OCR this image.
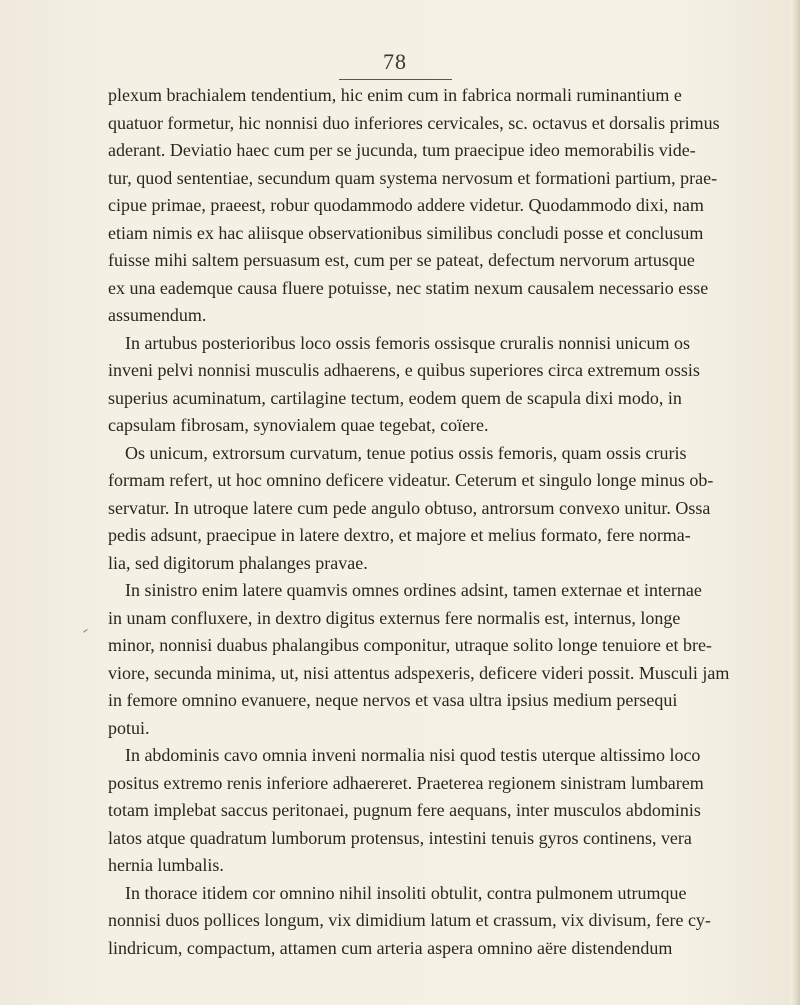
78
plexum brachialem tendentium, hic enim cum in fabrica normali ruminantium e
quatuor formetur, hic nonnisi duo inferiores cervicales, sc. octavus et dorsalis primus
aderant. Deviatio haec cum per se jucunda, tum praecipue ideo memorabilis vide-
tur, quod sententiae, secundum quam systema nervosum et formationi partium, prae-
cipue primae, praeest, robur quodammodo addere videtur. Quodammodo dixi, nam
etiam nimis ex hac aliisque observationibus similibus concludi posse et conclusum
fuisse mihi saltem persuasum est, cum per se pateat, defectum nervorum artusque
ex una eademque causa fluere potuisse, nec statim nexum causalem necessario esse
assumendum.
In artubus posterioribus loco ossis femoris ossisque cruralis nonnisi unicum os
inveni pelvi nonnisi musculis adhaerens, e quibus superiores circa extremum ossis
superius acuminatum, cartilagine tectum, eodem quem de scapula dixi modo, in
capsulam fibrosam, synovialem quae tegebat, coïere.
Os unicum, extrorsum curvatum, tenue potius ossis femoris, quam ossis cruris
formam refert, ut hoc omnino deficere videatur. Ceterum et singulo longe minus ob-
servatur. In utroque latere cum pede angulo obtuso, antrorsum convexo unitur. Ossa
pedis adsunt, praecipue in latere dextro, et majore et melius formato, fere norma-
lia, sed digitorum phalanges pravae.
In sinistro enim latere quamvis omnes ordines adsint, tamen externae et internae
in unam confluxere, in dextro digitus externus fere normalis est, internus, longe
minor, nonnisi duabus phalangibus componitur, utraque solito longe tenuiore et bre-
viore, secunda minima, ut, nisi attentus adspexeris, deficere videri possit. Musculi jam
in femore omnino evanuere, neque nervos et vasa ultra ipsius medium persequi
potui.
In abdominis cavo omnia inveni normalia nisi quod testis uterque altissimo loco
positus extremo renis inferiore adhaereret. Praeterea regionem sinistram lumbarem
totam implebat saccus peritonaei, pugnum fere aequans, inter musculos abdominis
latos atque quadratum lumborum protensus, intestini tenuis gyros continens, vera
hernia lumbalis.
In thorace itidem cor omnino nihil insoliti obtulit, contra pulmonem utrumque
nonnisi duos pollices longum, vix dimidium latum et crassum, vix divisum, fere cy-
lindricum, compactum, attamen cum arteria aspera omnino aëre distendendum
